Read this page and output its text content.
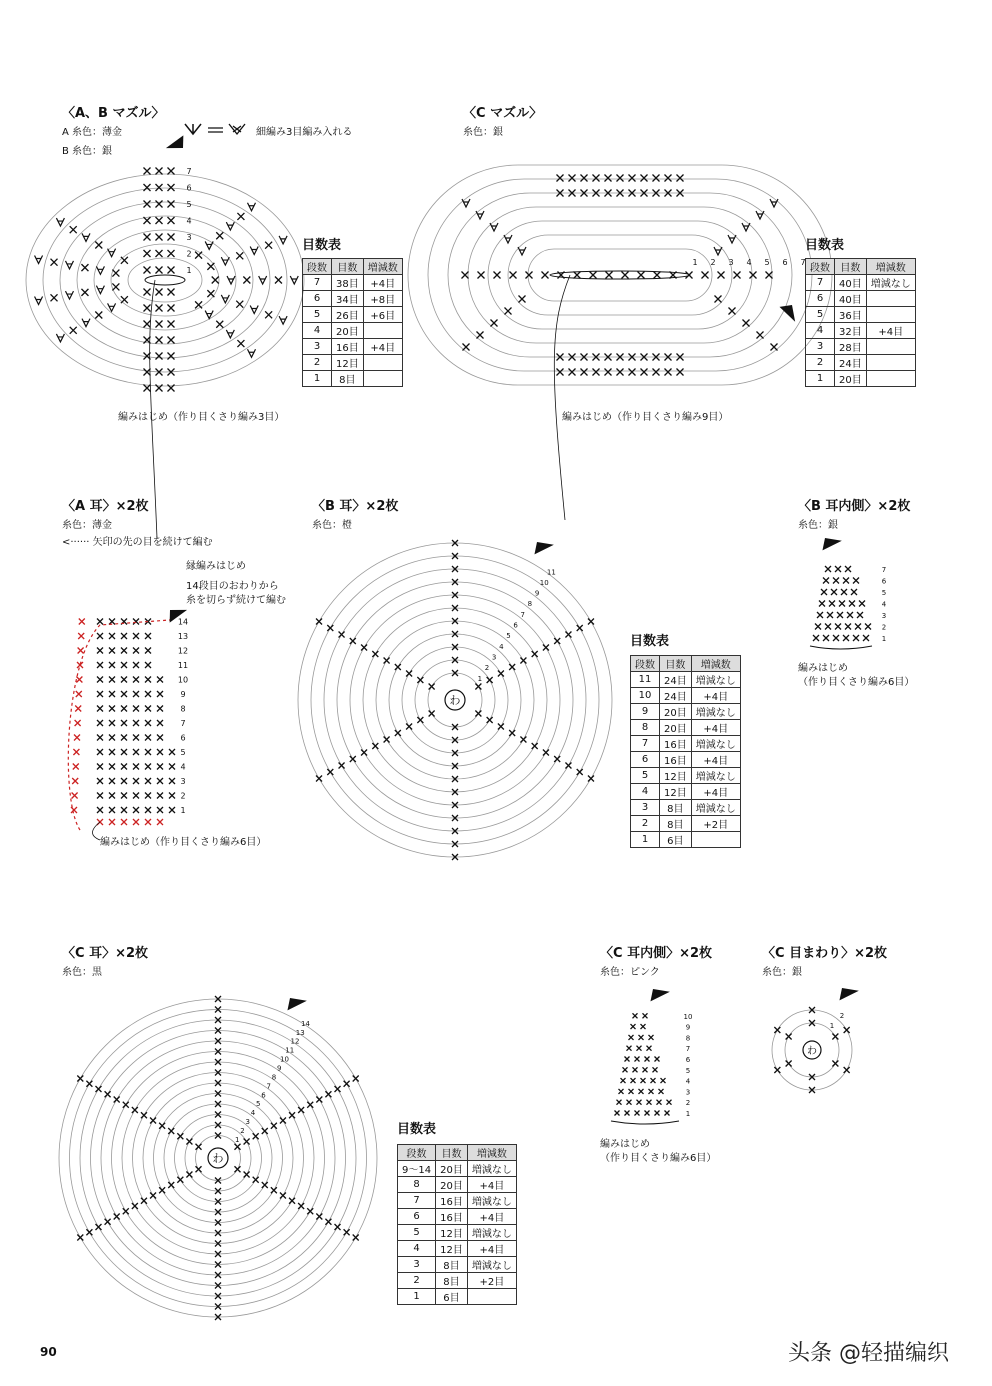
〈A、B マズル〉
A 糸色：薄金
B 糸色：銀
細編み3目編み入れる
1
2
3
4
5
6
7
編みはじめ（作り目くさり編み3目）
目数表
段数	目数	増減数
7	38目	+4目
6	34目	+8目
5	26目	+6目
4	20目	
3	16目	+4目
2	12目	
1	8目	
〈C マズル〉
糸色：銀
1 2 3 4 5 6 7
編みはじめ（作り目くさり編み9目）
目数表
段数	目数	増減数
7	40目	増減なし
6	40目	
5	36目	
4	32目	+4目
3	28目	
2	24目	
1	20目	
〈A 耳〉×2枚
糸色：薄金
<······ 矢印の先の目を続けて編む
縁編みはじめ
14段目のおわりから
糸を切らず続けて編む
1
2
3
4
5
6
7
8
9
10
11
12
13
14
編みはじめ（作り目くさり編み6目）
〈B 耳〉×2枚
糸色：橙
1
2
3
4
5
6
7
8
9
10
11
わ
目数表
段数	目数	増減数
11	24目	増減なし
10	24目	+4目
9	20目	増減なし
8	20目	+4目
7	16目	増減なし
6	16目	+4目
5	12目	増減なし
4	12目	+4目
3	8目	増減なし
2	8目	+2目
1	6目	
〈B 耳内側〉×2枚
糸色：銀
1
2
3
4
5
6
7
編みはじめ
（作り目くさり編み6目）
〈C 耳〉×2枚
糸色：黒
1
2
3
4
5
6
7
8
9
10
11
12
13
14
わ
目数表
段数	目数	増減数
9〜14	20目	増減なし
8	20目	+4目
7	16目	増減なし
6	16目	+4目
5	12目	増減なし
4	12目	+4目
3	8目	増減なし
2	8目	+2目
1	6目	
〈C 耳内側〉×2枚
糸色：ピンク
1
2
3
4
5
6
7
8
9
10
編みはじめ
（作り目くさり編み6目）
〈C 目まわり〉×2枚
糸色：銀
1
2
わ
90	头条 @轻描编织
